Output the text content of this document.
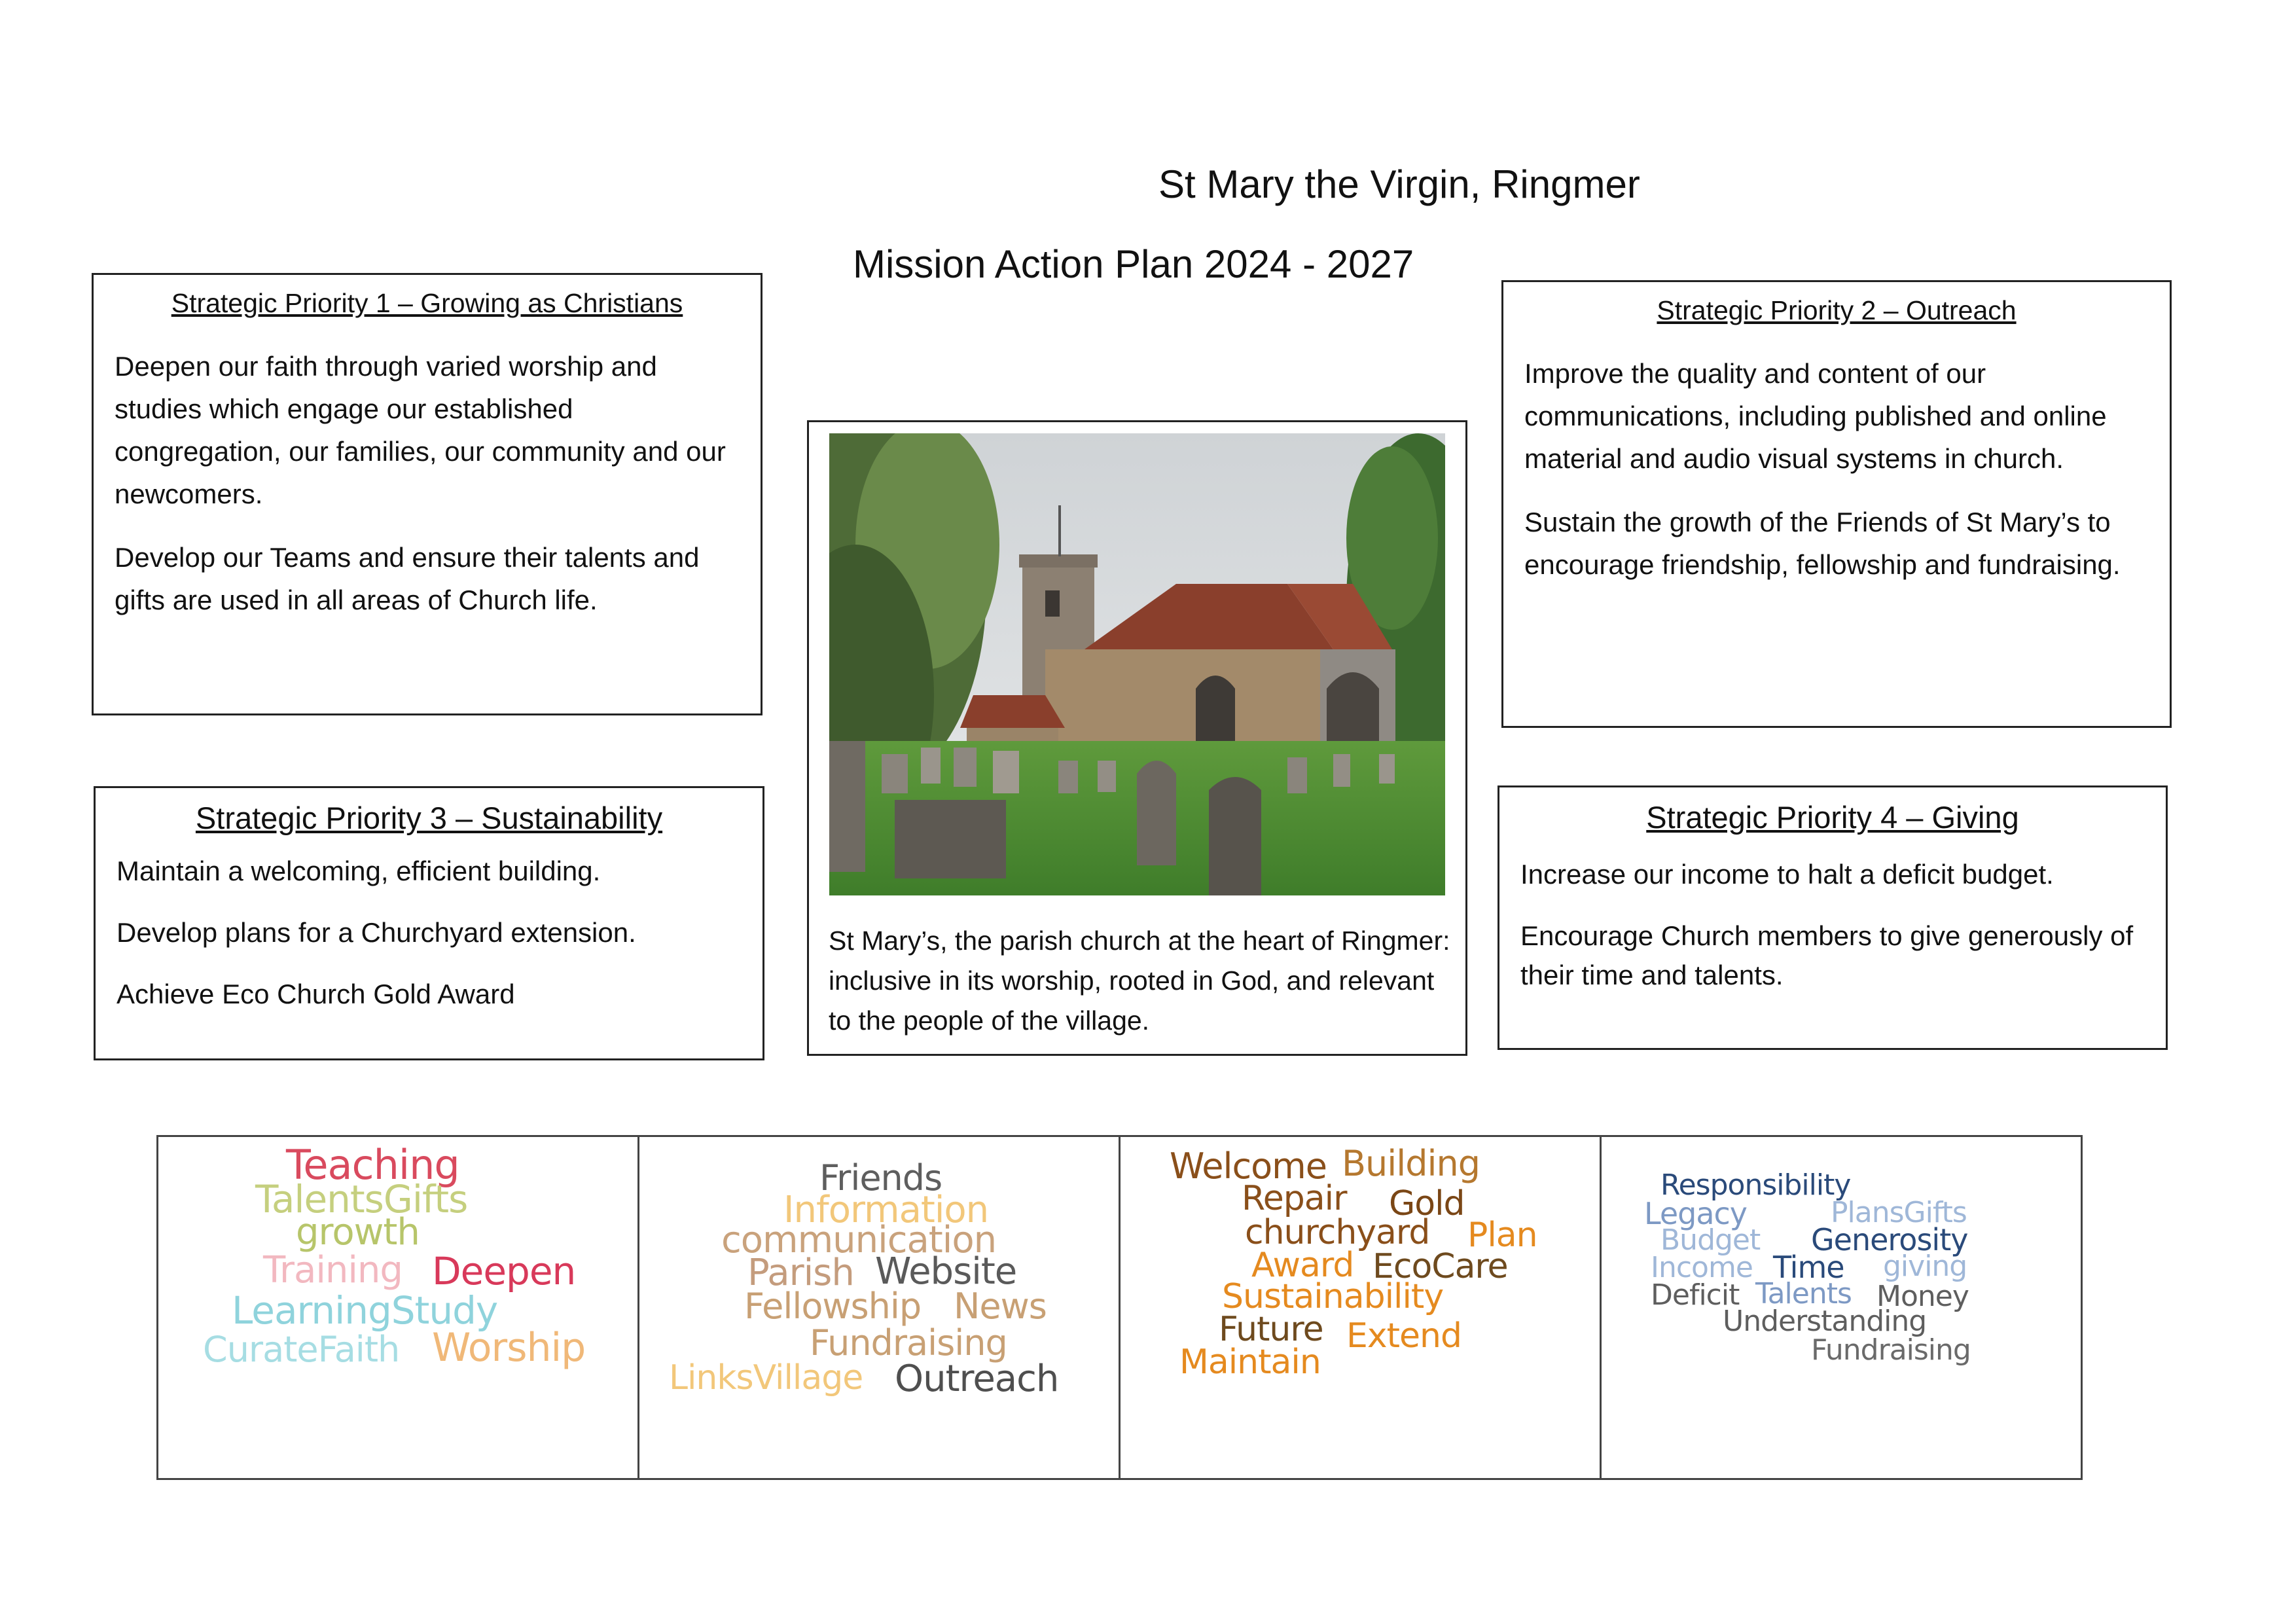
St Mary the Virgin, Ringmer
Mission Action Plan 2024 - 2027
Strategic Priority 1 – Growing as Christians

Deepen our faith through varied worship and studies which engage our established congregation, our families, our community and our newcomers.

Develop our Teams and ensure their talents and gifts are used in all areas of Church life.

Strategic Priority 2 – Outreach

Improve the quality and content of our communications, including published and online material and audio visual systems in church.

Sustain the growth of the Friends of St Mary’s to encourage friendship, fellowship and fundraising.

Strategic Priority 3 – Sustainability

Maintain a welcoming, efficient building.

Develop plans for a Churchyard extension.

Achieve Eco Church Gold Award

Strategic Priority 4 – Giving

Increase our income to halt a deficit budget.

Encourage Church members to give generously of their time and talents.

St Mary’s, the parish church at the heart of Ringmer: inclusive in its worship, rooted in God, and relevant to the people of the village.
Teaching
TalentsGifts
growth
Training Deepen
LearningStudy
CurateFaith Worship
Friends
Information
communication
Parish Website
Fellowship News
Fundraising
LinksVillage Outreach
Welcome Building
Repair Gold
churchyard Plan
Award EcoCare
Sustainability
Future Extend
Maintain
Responsibility
Legacy	PlansGifts
Budget Generosity
Income Time giving
Deficit Talents Money
Understanding
Fundraising
